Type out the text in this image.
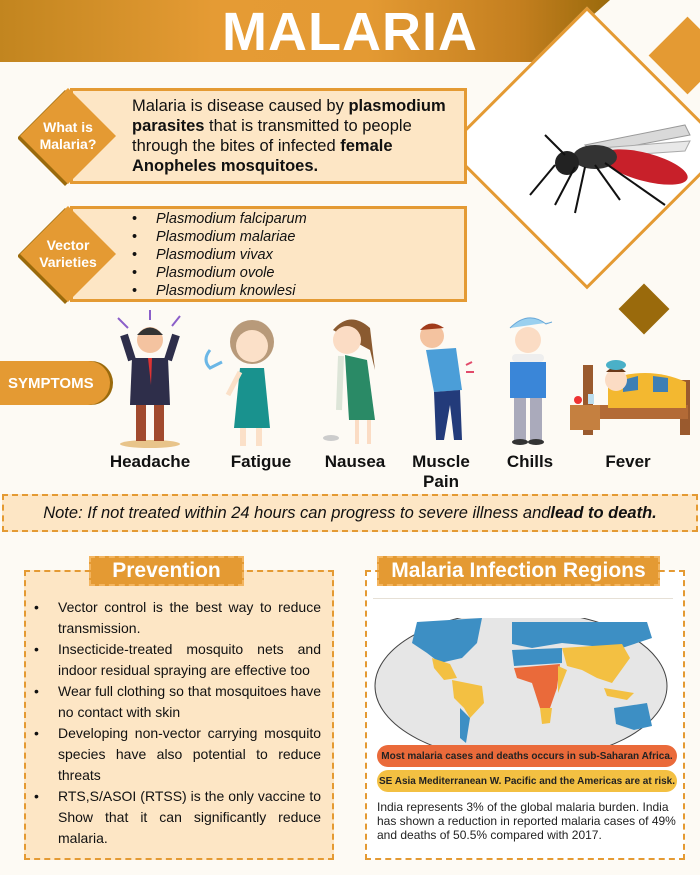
MALARIA
What is Malaria?
Malaria is disease caused by plasmodium parasites that is transmitted to people through the bites of infected female Anopheles mosquitoes.
Vector Varieties
• Plasmodium falciparum
• Plasmodium malariae
• Plasmodium vivax
• Plasmodium ovole
• Plasmodium knowlesi
SYMPTOMS
Headache	Fatigue	Nausea	Muscle Pain
Chills	Fever
Note: If not treated within 24 hours can progress to severe illness and lead to death.
Prevention
• Vector control is the best way to reduce transmission.
• Insecticide-treated mosquito nets and indoor residual spraying are effective too
• Wear full clothing so that mosquitoes have no contact with skin
• Developing non-vector carrying mosquito species have also potential to reduce threats
• RTS,S/ASOI (RTSS) is the only vaccine to Show that it can significantly reduce malaria.
Malaria Infection Regions
Most malaria cases and deaths occurs in sub-Saharan Africa.
SE Asia Mediterranean W. Pacific and the Americas are at risk.
India represents 3% of the global malaria burden. India has shown a reduction in reported malaria cases of 49% and deaths of 50.5% compared with 2017.
